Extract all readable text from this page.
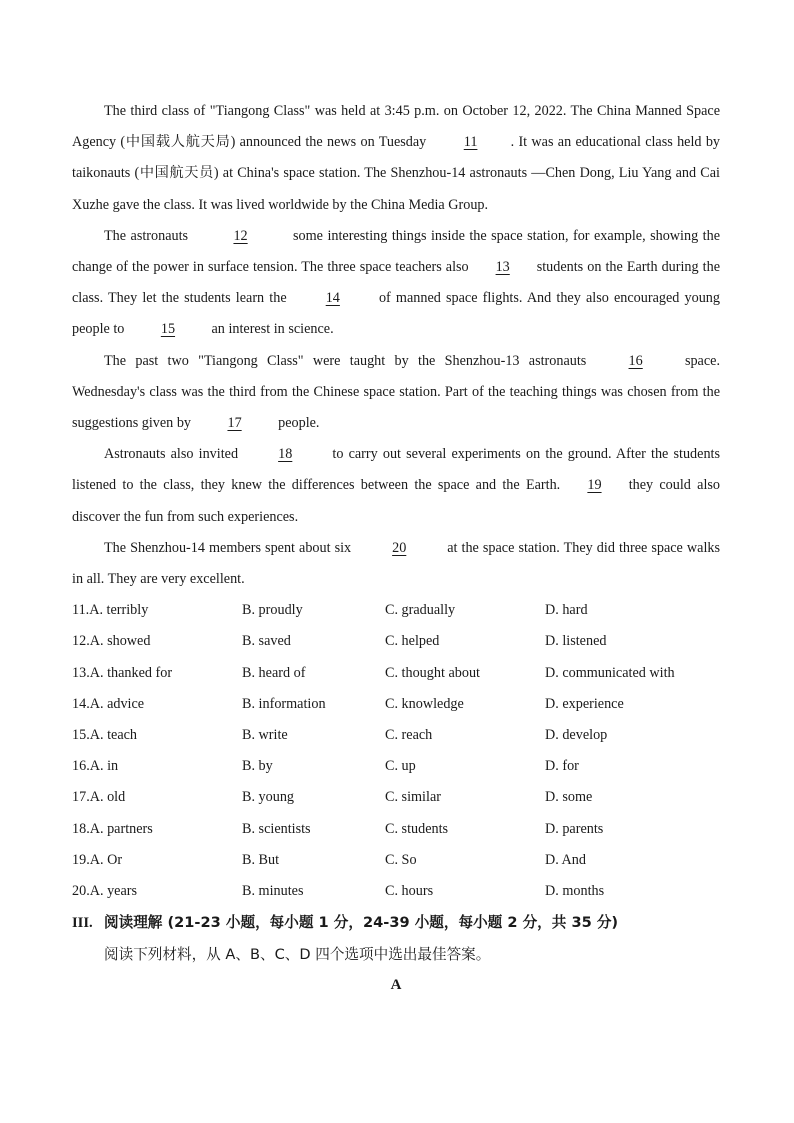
The third class of "Tiangong Class" was held at 3:45 p.m. on October 12, 2022. The China Manned Space Agency (中国载人航天局) announced the news on Tuesday 11 . It was an educational class held by taikonauts (中国航天员) at China's space station. The Shenzhou-14 astronauts —Chen Dong, Liu Yang and Cai Xuzhe gave the class. It was lived worldwide by the China Media Group.

The astronauts	12	some interesting things inside the space station, for example, showing the change of the power in surface tension. The three space teachers also 13 students on the Earth during the class. They let the students learn the 14 of manned space flights. And they also encouraged young people to 15 an interest in science.

The past two "Tiangong Class" were taught by the Shenzhou-13 astronauts 16 space. Wednesday's class was the third from the Chinese space station. Part of the teaching things was chosen from the suggestions given by 17 people.

Astronauts also invited 18 to carry out several experiments on the ground. After the students listened to the class, they knew the differences between the space and the Earth. 19 they could also discover the fun from such experiences.

The Shenzhou-14 members spent about six	20	at the space station. They did three space walks in all. They are very excellent.

11.A. terribly	B. proudly	C. gradually	D. hard
12.A. showed	B. saved	C. helped	D. listened
13.A. thanked for	B. heard of	C. thought about	D. communicated with
14.A. advice	B. information	C. knowledge	D. experience
15.A. teach	B. write	C. reach	D. develop
16.A. in	B. by	C. up	D. for
17.A. old	B. young	C. similar	D. some
18.A. partners	B. scientists	C. students	D. parents
19.A. Or	B. But	C. So	D. And
20.A. years	B. minutes	C. hours	D. months

III. 阅读理解 (21-23 小题，每小题 1 分，24-39 小题，每小题 2 分，共 35 分)

阅读下列材料，从 A、B、C、D 四个选项中选出最佳答案。

A
